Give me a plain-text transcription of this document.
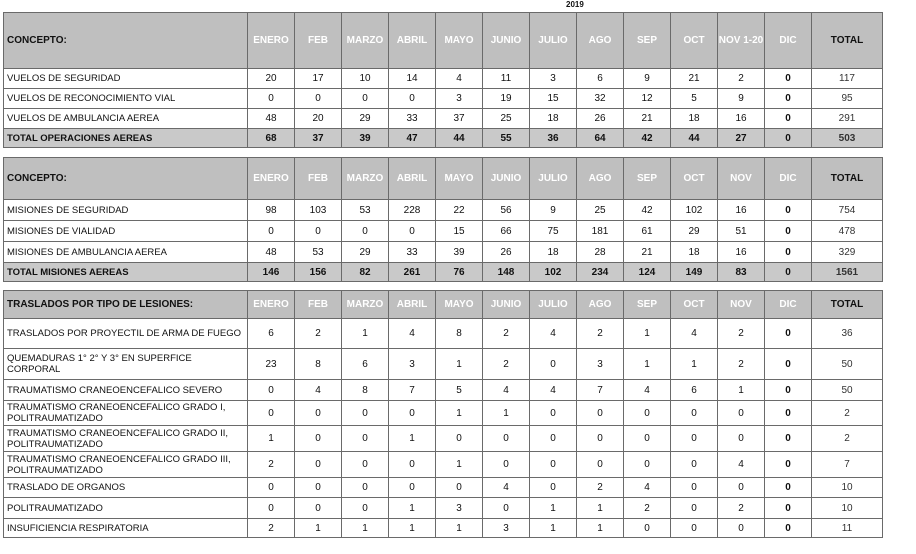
2019
CONCEPTO:	ENERO	FEB	MARZO	ABRIL	MAYO	JUNIO	JULIO	AGO	SEP	OCT	NOV 1-20	DIC	TOTAL
VUELOS DE SEGURIDAD	20	17	10	14	4	11	3	6	9	21	2	0	117
VUELOS DE RECONOCIMIENTO VIAL	0	0	0	0	3	19	15	32	12	5	9	0	95
VUELOS DE AMBULANCIA AEREA	48	20	29	33	37	25	18	26	21	18	16	0	291
TOTAL OPERACIONES AEREAS	68	37	39	47	44	55	36	64	42	44	27	0	503
CONCEPTO:	ENERO	FEB	MARZO	ABRIL	MAYO	JUNIO	JULIO	AGO	SEP	OCT	NOV	DIC	TOTAL
MISIONES DE SEGURIDAD	98	103	53	228	22	56	9	25	42	102	16	0	754
MISIONES DE VIALIDAD	0	0	0	0	15	66	75	181	61	29	51	0	478
MISIONES DE AMBULANCIA AEREA	48	53	29	33	39	26	18	28	21	18	16	0	329
TOTAL MISIONES AEREAS	146	156	82	261	76	148	102	234	124	149	83	0	1561
TRASLADOS POR TIPO DE LESIONES:	ENERO	FEB	MARZO	ABRIL	MAYO	JUNIO	JULIO	AGO	SEP	OCT	NOV	DIC	TOTAL
TRASLADOS POR PROYECTIL DE ARMA DE FUEGO	6	2	1	4	8	2	4	2	1	4	2	0	36
QUEMADURAS 1° 2° Y 3° EN SUPERFICE CORPORAL	23	8	6	3	1	2	0	3	1	1	2	0	50
TRAUMATISMO CRANEOENCEFALICO SEVERO	0	4	8	7	5	4	4	7	4	6	1	0	50
TRAUMATISMO CRANEOENCEFALICO GRADO I, POLITRAUMATIZADO	0	0	0	0	1	1	0	0	0	0	0	0	2
TRAUMATISMO CRANEOENCEFALICO GRADO II, POLITRAUMATIZADO	1	0	0	1	0	0	0	0	0	0	0	0	2
TRAUMATISMO CRANEOENCEFALICO GRADO III, POLITRAUMATIZADO	2	0	0	0	1	0	0	0	0	0	4	0	7
TRASLADO DE ORGANOS	0	0	0	0	0	4	0	2	4	0	0	0	10
POLITRAUMATIZADO	0	0	0	1	3	0	1	1	2	0	2	0	10
INSUFICIENCIA RESPIRATORIA	2	1	1	1	1	3	1	1	0	0	0	0	11
